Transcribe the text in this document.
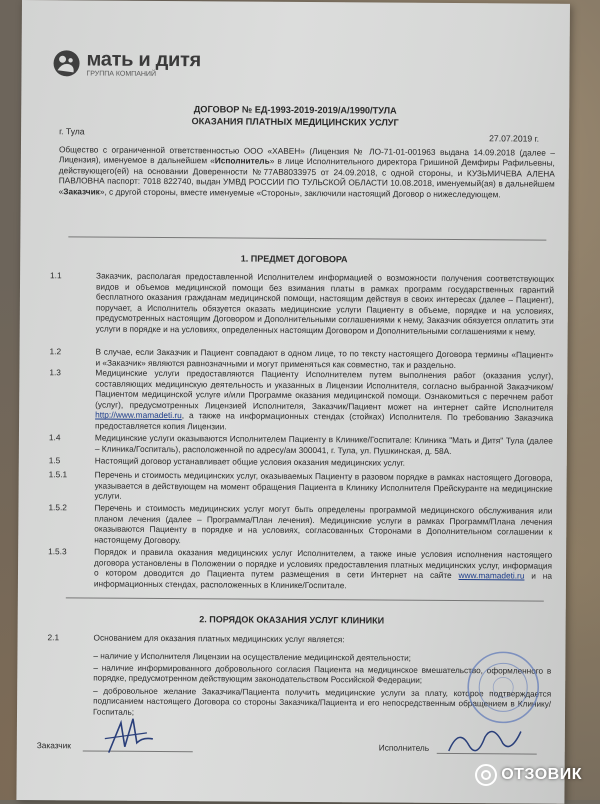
мать и дитя
ГРУППА КОМПАНИЙ
ДОГОВОР № ЕД-1993-2019-2019/А/1990/ТУЛА
ОКАЗАНИЯ ПЛАТНЫХ МЕДИЦИНСКИХ УСЛУГ
г. Тула
27.07.2019 г.
Общество с ограниченной ответственностью ООО «ХАВЕН» (Лицензия № ЛО-71-01-001963 выдана 14.09.2018 (далее – Лицензия), именуемое в дальнейшем «Исполнитель» в лице Исполнительного директора Гришиной Демфиры Рафильевны, действующего(ей) на основании Доверенности №77АВ8033975 от 24.09.2018, с одной стороны, и КУЗЬМИЧЕВА АЛЕНА ПАВЛОВНА паспорт: 7018 822740, выдан УМВД РОССИИ ПО ТУЛЬСКОЙ ОБЛАСТИ 10.08.2018, именуемый(ая) в дальнейшем «Заказчик», с другой стороны, вместе именуемые «Стороны», заключили настоящий Договор о нижеследующем.
1. ПРЕДМЕТ ДОГОВОРА
1.1	Заказчик, располагая предоставленной Исполнителем информацией о возможности получения соответствующих видов и объемов медицинской помощи без взимания платы в рамках программ государственных гарантий бесплатного оказания гражданам медицинской помощи, настоящим действуя в своих интересах (далее – Пациент), поручает, а Исполнитель обязуется оказать медицинские услуги Пациенту в объеме, порядке и на условиях, предусмотренных настоящим Договором и Дополнительными соглашениями к нему, Заказчик обязуется оплатить эти услуги в порядке и на условиях, определенных настоящим Договором и Дополнительными соглашениями к нему.
1.2	В случае, если Заказчик и Пациент совпадают в одном лице, то по тексту настоящего Договора термины «Пациент» и «Заказчик» являются равнозначными и могут применяться как совместно, так и раздельно.
1.3	Медицинские услуги предоставляются Пациенту Исполнителем путем выполнения работ (оказания услуг), составляющих медицинскую деятельность и указанных в Лицензии Исполнителя, согласно выбранной Заказчиком/Пациентом медицинской услуге и/или Программе оказания медицинской помощи. Ознакомиться с перечнем работ (услуг), предусмотренных Лицензией Исполнителя, Заказчик/Пациент может на интернет сайте Исполнителя http://www.mamadeti.ru, а также на информационных стендах (стойках) Исполнителя. По требованию Заказчика предоставляется копия Лицензии.
1.4	Медицинские услуги оказываются Исполнителем Пациенту в Клинике/Госпитале: Клиника "Мать и Дитя" Тула (далее – Клиника/Госпиталь), расположенной по адресу/ам 300041, г. Тула, ул. Пушкинская, д. 58А.
1.5	Настоящий договор устанавливает общие условия оказания медицинских услуг.
1.5.1	Перечень и стоимость медицинских услуг, оказываемых Пациенту в разовом порядке в рамках настоящего Договора, указывается в действующем на момент обращения Пациента в Клинику Исполнителя Прейскуранте на медицинские услуги.
1.5.2	Перечень и стоимость медицинских услуг могут быть определены программой медицинского обслуживания или планом лечения (далее – Программа/План лечения). Медицинские услуги в рамках Программ/Плана лечения оказываются Пациенту в порядке и на условиях, согласованных Сторонами в Дополнительном соглашении к настоящему Договору.
1.5.3	Порядок и правила оказания медицинских услуг Исполнителем, а также иные условия исполнения настоящего договора установлены в Положении о порядке и условиях предоставления платных медицинских услуг, информация о котором доводится до Пациента путем размещения в сети Интернет на сайте www.mamadeti.ru и на информационных стендах, расположенных в Клинике/Госпитале.
2. ПОРЯДОК ОКАЗАНИЯ УСЛУГ КЛИНИКИ
2.1	Основанием для оказания платных медицинских услуг является:
– наличие у Исполнителя Лицензии на осуществление медицинской деятельности;
– наличие информированного добровольного согласия Пациента на медицинское вмешательство, оформленного в порядке, предусмотренном действующим законодательством Российской Федерации;
– добровольное желание Заказчика/Пациента получить медицинские услуги за плату, которое подтверждается подписанием настоящего Договора со стороны Заказчика/Пациента и его непосредственным обращением в Клинику/Госпиталь;
Заказчик	Исполнитель
ОТЗОВИК
